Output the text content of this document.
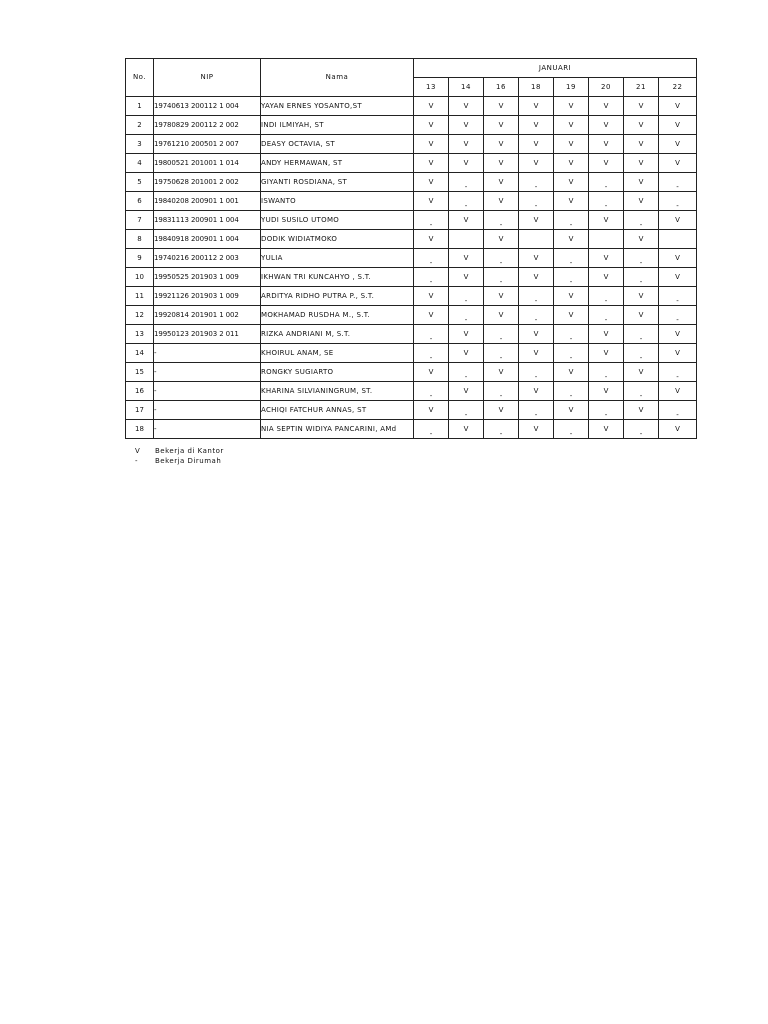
No.	NIP	Nama	JANUARI							
			13	14	16	18	19	20	21	22
1	19740613 200112 1 004	YAYAN ERNES YOSANTO,ST	V	V	V	V	V	V	V	V
2	19780829 200112 2 002	INDI ILMIYAH, ST	V	V	V	V	V	V	V	V
3	19761210 200501 2 007	DEASY OCTAVIA, ST	V	V	V	V	V	V	V	V
4	19800521 201001 1 014	ANDY HERMAWAN, ST	V	V	V	V	V	V	V	V
5	19750628 201001 2 002	GIYANTI ROSDIANA, ST	V	-	V	-	V	-	V	-
6	19840208 200901 1 001	ISWANTO	V	-	V	-	V	-	V	-
7	19831113 200901 1 004	YUDI SUSILO UTOMO	-	V	-	V	-	V	-	V
8	19840918 200901 1 004	DODIK WIDIATMOKO	V		V		V		V	
9	19740216 200112 2 003	YULIA	-	V	-	V	-	V	-	V
10	19950525 201903 1 009	IKHWAN TRI KUNCAHYO , S.T.	-	V	-	V	-	V	-	V
11	19921126 201903 1 009	ARDITYA RIDHO PUTRA P., S.T.	V	-	V	-	V	-	V	-
12	19920814 201901 1 002	MOKHAMAD RUSDHA M., S.T.	V	-	V	-	V	-	V	-
13	19950123 201903 2 011	RIZKA ANDRIANI M, S.T.	-	V	-	V	-	V	-	V
14	-	KHOIRUL ANAM, SE	-	V	-	V	-	V	-	V
15	-	RONGKY SUGIARTO	V	-	V	-	V	-	V	-
16	-	KHARINA SILVIANINGRUM, ST.	-	V	-	V	-	V	-	V
17	-	ACHIQI FATCHUR ANNAS, ST	V	-	V	-	V	-	V	-
18	-	NIA SEPTIN WIDIYA PANCARINI, AMd	-	V	-	V	-	V	-	V
V	Bekerja di Kantor
-	Bekerja Dirumah
